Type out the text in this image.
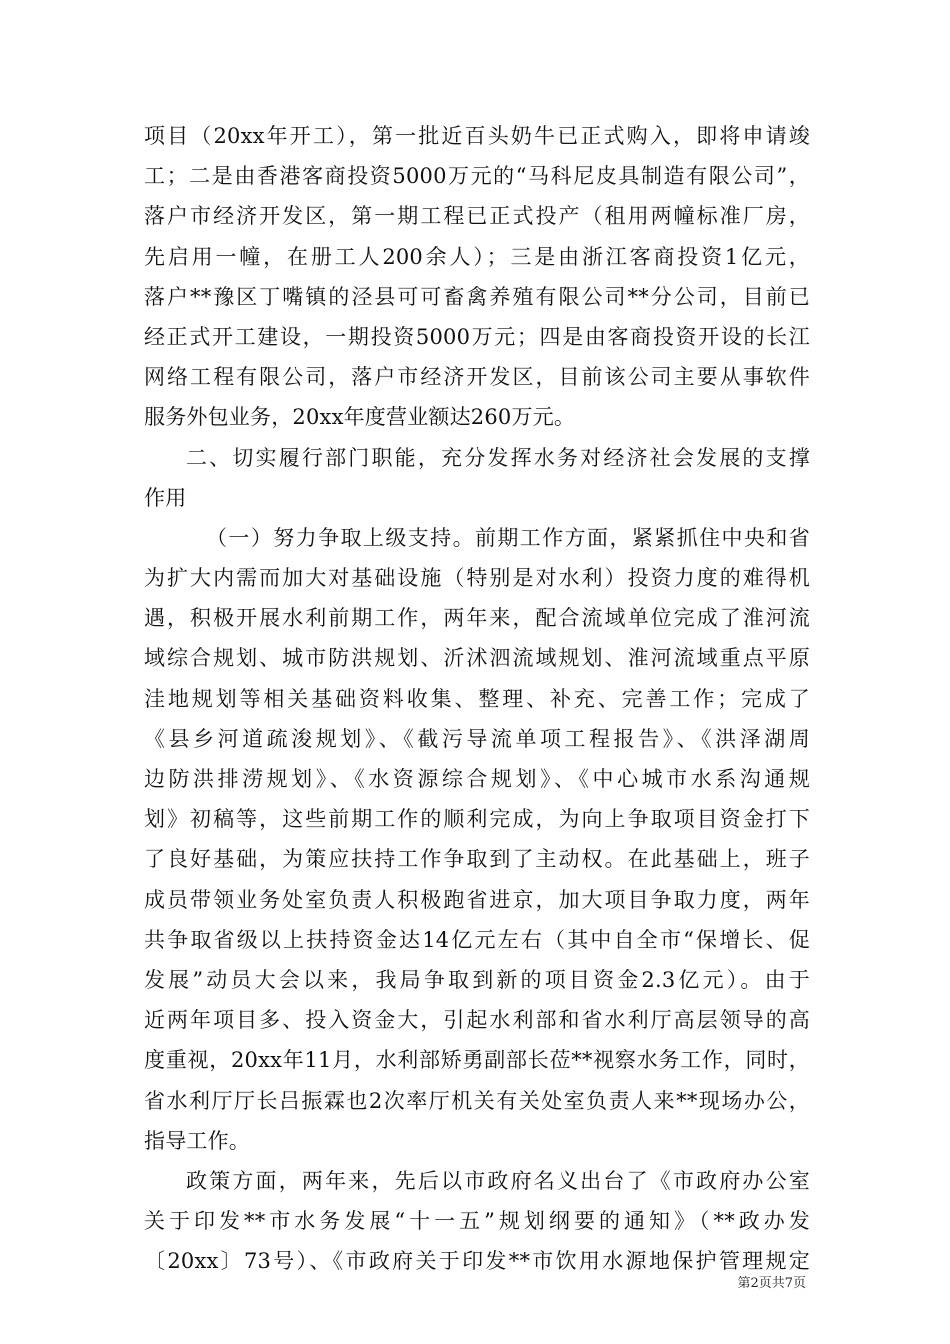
项目（20xx年开工），第一批近百头奶牛已正式购入，即将申请竣
工；二是由香港客商投资5000万元的“马科尼皮具制造有限公司”，
落户市经济开发区，第一期工程已正式投产（租用两幢标准厂房，
先启用一幢，在册工人200余人）；三是由浙江客商投资1亿元，
落户**豫区丁嘴镇的泾县可可畜禽养殖有限公司**分公司，目前已
经正式开工建设，一期投资5000万元；四是由客商投资开设的长江
网络工程有限公司，落户市经济开发区，目前该公司主要从事软件
服务外包业务，20xx年度营业额达260万元。
二、切实履行部门职能，充分发挥水务对经济社会发展的支撑
作用
（一）努力争取上级支持。前期工作方面，紧紧抓住中央和省
为扩大内需而加大对基础设施（特别是对水利）投资力度的难得机
遇，积极开展水利前期工作，两年来，配合流域单位完成了淮河流
域综合规划、城市防洪规划、沂沭泗流域规划、淮河流域重点平原
洼地规划等相关基础资料收集、整理、补充、完善工作；完成了
《县乡河道疏浚规划》、《截污导流单项工程报告》、《洪泽湖周
边防洪排涝规划》、《水资源综合规划》、《中心城市水系沟通规
划》初稿等，这些前期工作的顺利完成，为向上争取项目资金打下
了良好基础，为策应扶持工作争取到了主动权。在此基础上，班子
成员带领业务处室负责人积极跑省进京，加大项目争取力度，两年
共争取省级以上扶持资金达14亿元左右（其中自全市“保增长、促
发展”动员大会以来，我局争取到新的项目资金2.3亿元）。由于
近两年项目多、投入资金大，引起水利部和省水利厅高层领导的高
度重视，20xx年11月，水利部矫勇副部长莅**视察水务工作，同时，
省水利厅厅长吕振霖也2次率厅机关有关处室负责人来**现场办公，
指导工作。
政策方面，两年来，先后以市政府名义出台了《市政府办公室
关于印发**市水务发展“十一五”规划纲要的通知》（**政办发
〔20xx〕73号）、《市政府关于印发**市饮用水源地保护管理规定
第2页共7页
